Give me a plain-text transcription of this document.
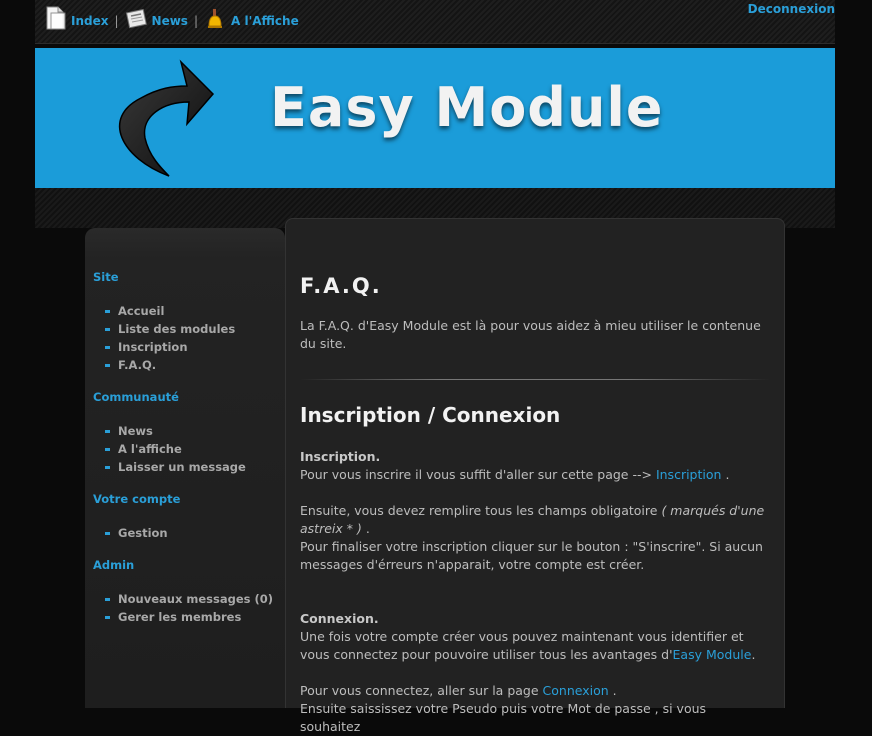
Index |	News |	A l'Affiche
Deconnexion
Easy Module
Site
Accueil
Liste des modules
Inscription
F.A.Q.
Communauté
News
A l'affiche
Laisser un message
Votre compte
Gestion
Admin
Nouveaux messages (0)
Gerer les membres
F.A.Q.
La F.A.Q. d'Easy Module est là pour vous aidez à mieu utiliser le contenue du site.
Inscription / Connexion
Inscription.
Pour vous inscrire il vous suffit d'aller sur cette page --> Inscription .
Ensuite, vous devez remplire tous les champs obligatoire ( marqués d'une astreix * ) .
Pour finaliser votre inscription cliquer sur le bouton : "S'inscrire". Si aucun messages d'érreurs n'apparait, votre compte est créer.
Connexion.
Une fois votre compte créer vous pouvez maintenant vous identifier et vous connectez pour pouvoire utiliser tous les avantages d'Easy Module.
Pour vous connectez, aller sur la page Connexion .
Ensuite saississez votre Pseudo puis votre Mot de passe , si vous souhaitez
